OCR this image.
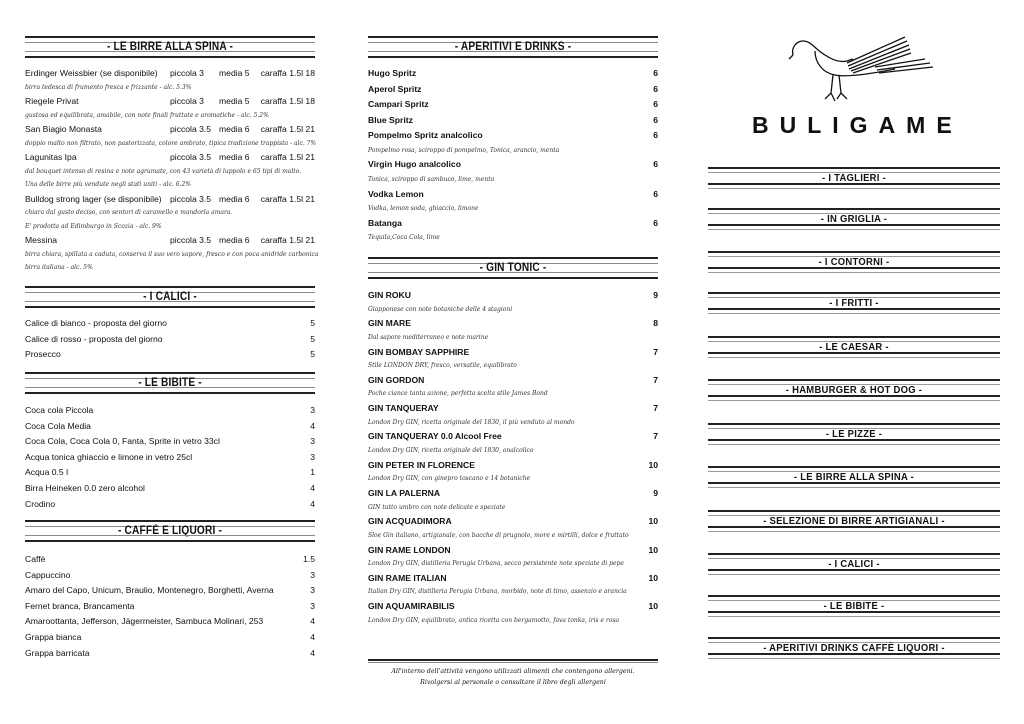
BULIGAME
- LE BIRRE ALLA SPINA -
Erdinger Weissbier (se disponibile)	piccola 3	media 5	caraffa 1.5l 18
birra tedesca di frumento fresca e frizzante - alc. 5.3%
Riegele Privat	piccola 3	media 5	caraffa 1.5l 18
gustosa ed equilibrata, amabile, con note finali fruttate e aromatiche - alc. 5.2%
San Biagio Monasta	piccola 3.5 media 6	caraffa 1.5l 21
doppio malto non filtrato, non pastorizzata, colore ambrato, tipica tradizione trappista - alc. 7%
Lagunitas Ipa	piccola 3.5 media 6	caraffa 1.5l 21
dal bouquet intenso di resina e note agrumate, con 43 varietà di luppolo e 65 tipi di malto.
Una delle birre più vendute negli stati uniti - alc. 6.2%
Bulldog strong lager (se disponibile) piccola 3.5 media 6	caraffa 1.5l 21
chiara dal gusto deciso, con sentori di caramello e mandorla amara.
E' prodotta ad Edimburgo in Scozia - alc. 9%
Messina	piccola 3.5 media 6	caraffa 1.5l 21
birra chiara, spillata a caduta, conserva il suo vero sapore, fresco e con poca anidride carbonica
birra italiana - alc. 5%
- I CALICI -
Calice di bianco - proposta del giorno	5
Calice di rosso - proposta del giorno	5
Prosecco	5
- LE BIBITE -
Coca cola Piccola	3
Coca Cola Media	4
Coca Cola, Coca Cola 0, Fanta, Sprite in vetro 33cl	3
Acqua tonica ghiaccio e limone in vetro 25cl	3
Acqua 0.5 l	1
Birra Heineken 0.0 zero alcohol	4
Crodino	4
- CAFFÈ E LIQUORI -
Caffè	1.5
Cappuccino	3
Amaro del Capo, Unicum, Braulio, Montenegro, Borghetti, Averna	3
Fernet branca, Brancamenta	3
Amaroottanta, Jefferson, Jägermeister, Sambuca Molinari, 253	4
Grappa bianca	4
Grappa barricata	4
- APERITIVI E DRINKS -
Hugo Spritz	6
Aperol Spritz	6
Campari Spritz	6
Blue Spritz	6
Pompelmo Spritz analcolico	6
Pompelmo rosa, sciroppo di pompelmo, Tonica, arancio, menta
Virgin Hugo analcolico	6
Tonica, sciroppo di sambuco, lime, menta
Vodka Lemon	6
Vodka, lemon soda, ghiaccio, limone
Batanga	6
Tequila,Coca Cola, lime
- GIN TONIC -
GIN ROKU	9
Giapponese con note botaniche delle 4 stagioni
GIN MARE	8
Dal sapore mediterraneo e note marine
GIN BOMBAY SAPPHIRE	7
Stile LONDON DRY, fresco, versatile, equilibrato
GIN GORDON	7
Poche ciance tanta azione, perfetta scelta stile James Bond
GIN TANQUERAY	7
London Dry GIN, ricetta originale del 1830, il più venduto al mondo
GIN TANQUERAY 0.0 Alcool Free	7
London Dry GIN, ricetta originale del 1830, analcolico
GIN PETER IN FLORENCE	10
London Dry GIN, con ginepro toscano e 14 botaniche
GIN LA PALERNA	9
GIN tutto umbro con note delicate e speziate
GIN ACQUADIMORA	10
Sloe Gin italiano, artigianale, con bacche di prugnolo, more e mirtilli, dolce e fruttato
GIN RAME LONDON	10
London Dry GIN, distilleria Perugia Urbana, secco persistente note speziate di pepe
GIN RAME ITALIAN	10
Italian Dry GIN, distilleria Perugia Urbana, morbido, note di timo, assenzio e arancia
GIN AQUAMIRABILIS	10
London Dry GIN, equilibrato, antica ricetta con bergamotto, fava tonka, iris e rosa
- I TAGLIERI -
- IN GRIGLIA -
- I CONTORNI -
- I FRITTI -
- LE CAESAR -
- HAMBURGER & HOT DOG -
- LE PIZZE -
- LE BIRRE ALLA SPINA -
- SELEZIONE DI BIRRE ARTIGIANALI -
- I CALICI -
- LE BIBITE -
- APERITIVI DRINKS CAFFÈ LIQUORI -
All'interno dell'attività vengono utilizzati alimenti che contengono allergeni.
Rivolgersi al personale o consultare il libro degli allergeni
